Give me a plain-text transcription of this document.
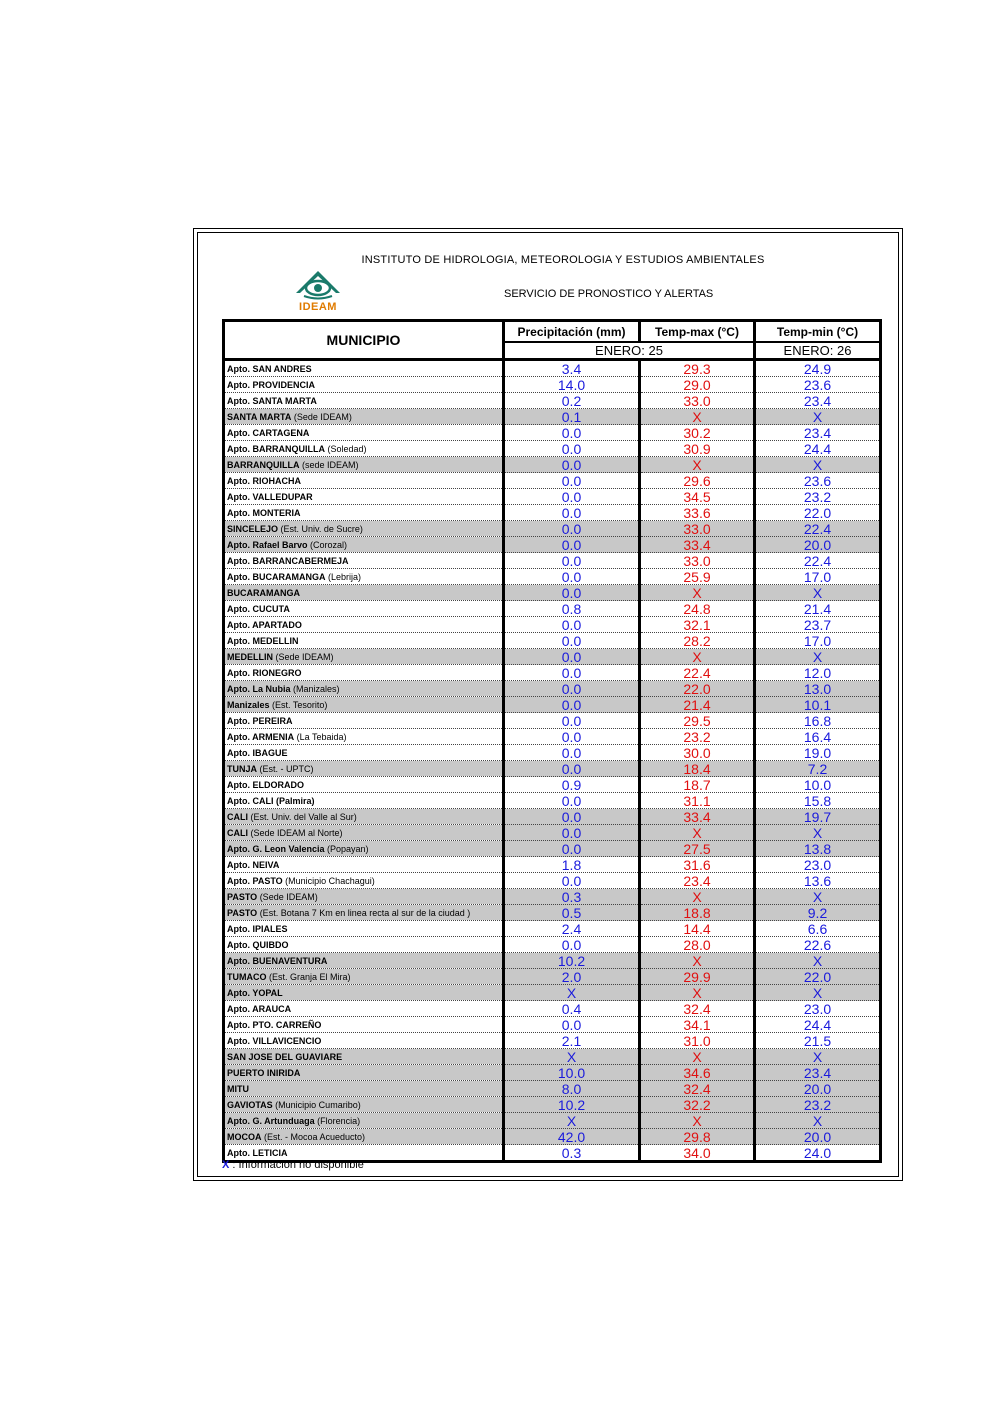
INSTITUTO DE HIDROLOGIA, METEOROLOGIA Y ESTUDIOS AMBIENTALES
IDEAM
SERVICIO DE PRONOSTICO Y ALERTAS
MUNICIPIO	Precipitación (mm)	Temp-max (°C)	Temp-min (°C)
	ENERO: 25		ENERO: 26
Apto. SAN ANDRES	3.4	29.3	24.9
Apto. PROVIDENCIA	14.0	29.0	23.6
Apto. SANTA MARTA	0.2	33.0	23.4
SANTA MARTA (Sede IDEAM)	0.1	X	X
Apto. CARTAGENA	0.0	30.2	23.4
Apto. BARRANQUILLA (Soledad)	0.0	30.9	24.4
BARRANQUILLA (sede IDEAM)	0.0	X	X
Apto. RIOHACHA	0.0	29.6	23.6
Apto. VALLEDUPAR	0.0	34.5	23.2
Apto. MONTERIA	0.0	33.6	22.0
SINCELEJO (Est. Univ. de Sucre)	0.0	33.0	22.4
Apto. Rafael Barvo (Corozal)	0.0	33.4	20.0
Apto. BARRANCABERMEJA	0.0	33.0	22.4
Apto. BUCARAMANGA (Lebrija)	0.0	25.9	17.0
BUCARAMANGA	0.0	X	X
Apto. CUCUTA	0.8	24.8	21.4
Apto. APARTADO	0.0	32.1	23.7
Apto. MEDELLIN	0.0	28.2	17.0
MEDELLIN (Sede IDEAM)	0.0	X	X
Apto. RIONEGRO	0.0	22.4	12.0
Apto. La Nubia (Manizales)	0.0	22.0	13.0
Manizales (Est. Tesorito)	0.0	21.4	10.1
Apto. PEREIRA	0.0	29.5	16.8
Apto. ARMENIA (La Tebaida)	0.0	23.2	16.4
Apto. IBAGUE	0.0	30.0	19.0
TUNJA (Est. - UPTC)	0.0	18.4	7.2
Apto. ELDORADO	0.9	18.7	10.0
Apto. CALI (Palmira)	0.0	31.1	15.8
CALI (Est. Univ. del Valle al Sur)	0.0	33.4	19.7
CALI (Sede IDEAM al Norte)	0.0	X	X
Apto. G. Leon Valencia (Popayan)	0.0	27.5	13.8
Apto. NEIVA	1.8	31.6	23.0
Apto. PASTO (Municipio Chachagui)	0.0	23.4	13.6
PASTO (Sede IDEAM)	0.3	X	X
PASTO (Est. Botana 7 Km en linea recta al sur de la ciudad )	0.5	18.8	9.2
Apto. IPIALES	2.4	14.4	6.6
Apto. QUIBDO	0.0	28.0	22.6
Apto. BUENAVENTURA	10.2	X	X
TUMACO (Est. Granja El Mira)	2.0	29.9	22.0
Apto. YOPAL	X	X	X
Apto. ARAUCA	0.4	32.4	23.0
Apto. PTO. CARREÑO	0.0	34.1	24.4
Apto. VILLAVICENCIO	2.1	31.0	21.5
SAN JOSE DEL GUAVIARE	X	X	X
PUERTO INIRIDA	10.0	34.6	23.4
MITU	8.0	32.4	20.0
GAVIOTAS (Municipio Cumaribo)	10.2	32.2	23.2
Apto. G. Artunduaga (Florencia)	X	X	X
MOCOA (Est. - Mocoa Acueducto)	42.0	29.8	20.0
Apto. LETICIA	0.3	34.0	24.0
X : Información no disponible
